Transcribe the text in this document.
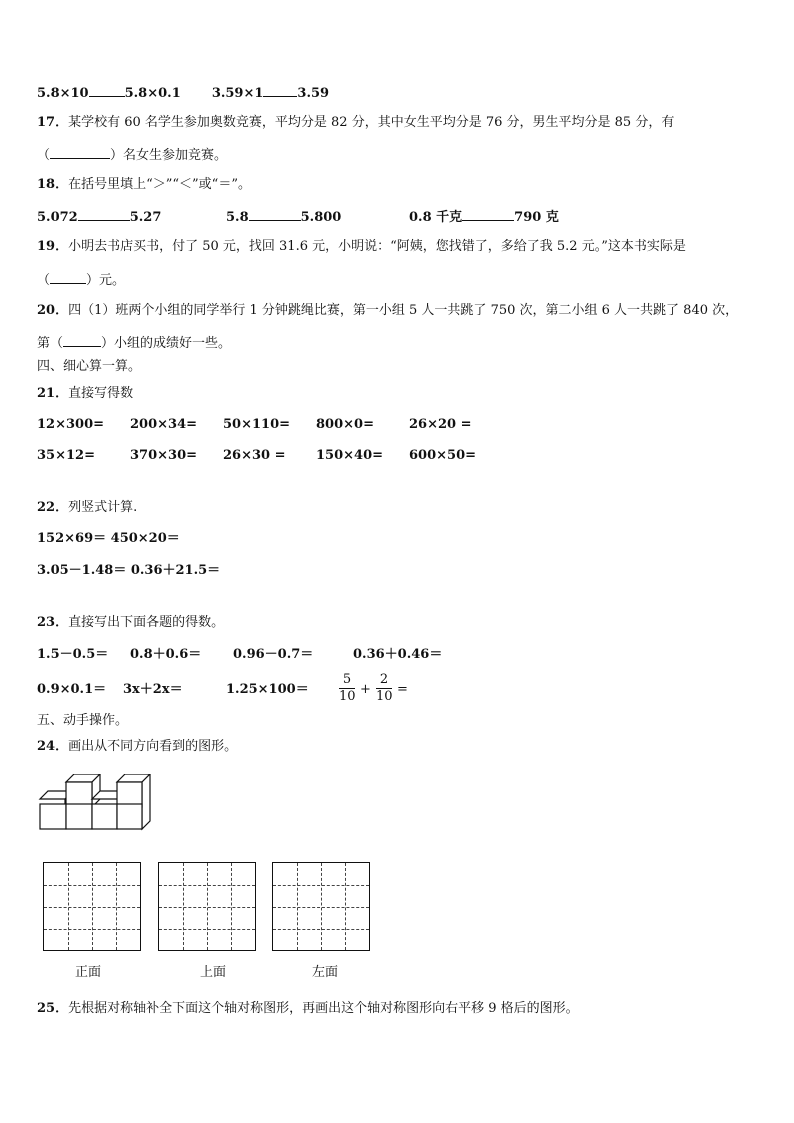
5.8×10	5.8×0.1 3.59×1	3.59
17．某学校有 60 名学生参加奥数竞赛，平均分是 82 分，其中女生平均分是 76 分，男生平均分是 85 分，有
（	）名女生参加竞赛。
18．在括号里填上“＞”“＜”或“＝”。
5.072	5.27	5.8	5.800	0.8 千克	790 克
19．小明去书店买书，付了 50 元，找回 31.6 元，小明说：“阿姨，您找错了，多给了我 5.2 元。”这本书实际是
（	）元。
20．四（1）班两个小组的同学举行 1 分钟跳绳比赛，第一小组 5 人一共跳了 750 次，第二小组 6 人一共跳了 840 次，
第（	）小组的成绩好一些。
四、细心算一算。
21．直接写得数
12×300= 200×34= 50×110= 800×0=	26×20 =
35×12=	370×30= 26×30 = 150×40= 600×50=
22．列竖式计算.
152×69＝ 450×20＝
3.05－1.48＝ 0.36＋21.5＝
23．直接写出下面各题的得数。
1.5－0.5＝ 0.8＋0.6＝ 0.96－0.7＝	0.36＋0.46＝
0.9×0.1＝ 3x＋2x＝	$1.25\times 100= \frac{5}{10} + \frac{2}{10}$ =
五、动手操作。
24．画出从不同方向看到的图形。
正面	上面	左面
25．先根据对称轴补全下面这个轴对称图形，再画出这个轴对称图形向右平移 9 格后的图形。
